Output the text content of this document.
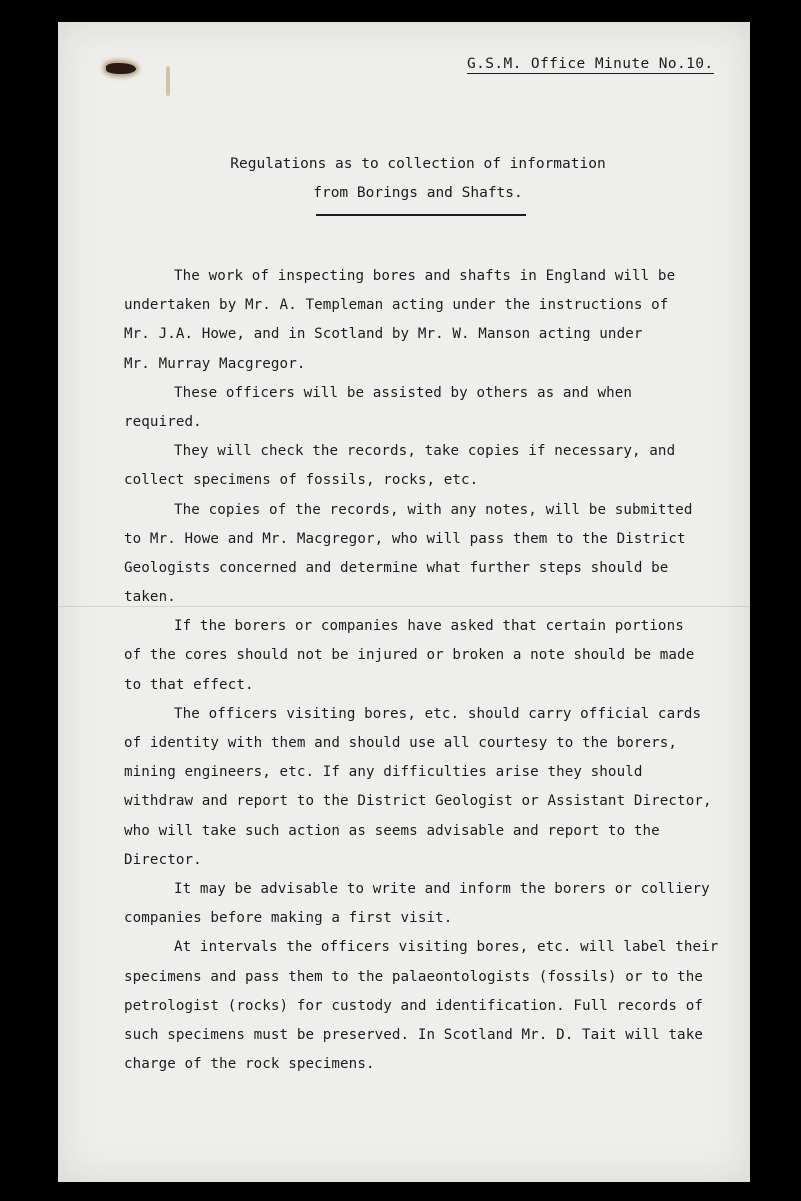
G.S.M. Office Minute No.10.
Regulations as to collection of information
from Borings and Shafts.
The work of inspecting bores and shafts in England will be
undertaken by Mr. A. Templeman acting under the instructions of
Mr. J.A. Howe, and in Scotland by Mr. W. Manson acting under
Mr. Murray Macgregor.
These officers will be assisted by others as and when
required.
They will check the records, take copies if necessary, and
collect specimens of fossils, rocks, etc.
The copies of the records, with any notes, will be submitted
to Mr. Howe and Mr. Macgregor, who will pass them to the District
Geologists concerned and determine what further steps should be
taken.
If the borers or companies have asked that certain portions
of the cores should not be injured or broken a note should be made
to that effect.
The officers visiting bores, etc. should carry official cards
of identity with them and should use all courtesy to the borers,
mining engineers, etc. If any difficulties arise they should
withdraw and report to the District Geologist or Assistant Director,
who will take such action as seems advisable and report to the
Director.
It may be advisable to write and inform the borers or colliery
companies before making a first visit.
At intervals the officers visiting bores, etc. will label their
specimens and pass them to the palaeontologists (fossils) or to the
petrologist (rocks) for custody and identification. Full records of
such specimens must be preserved. In Scotland Mr. D. Tait will take
charge of the rock specimens.
